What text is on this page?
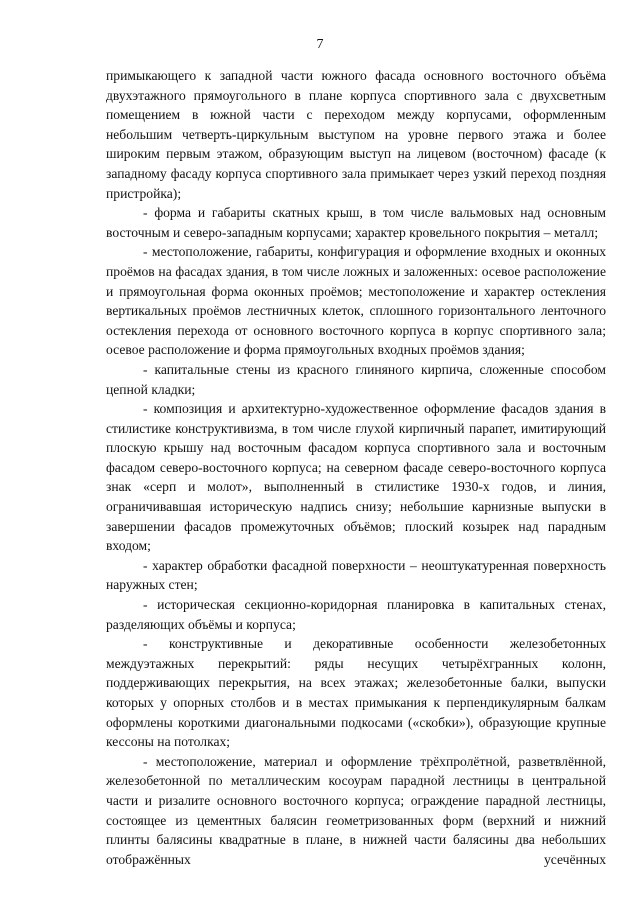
7

примыкающего к западной части южного фасада основного восточного объёма двухэтажного прямоугольного в плане корпуса спортивного зала с двухсветным помещением в южной части с переходом между корпусами, оформленным небольшим четверть-циркульным выступом на уровне первого этажа и более широким первым этажом, образующим выступ на лицевом (восточном) фасаде (к западному фасаду корпуса спортивного зала примыкает через узкий переход поздняя пристройка);

- форма и габариты скатных крыш, в том числе вальмовых над основным восточным и северо-западным корпусами; характер кровельного покрытия – металл;

- местоположение, габариты, конфигурация и оформление входных и оконных проёмов на фасадах здания, в том числе ложных и заложенных: осевое расположение и прямоугольная форма оконных проёмов; местоположение и характер остекления вертикальных проёмов лестничных клеток, сплошного горизонтального ленточного остекления перехода от основного восточного корпуса в корпус спортивного зала; осевое расположение и форма прямоугольных входных проёмов здания;

- капитальные стены из красного глиняного кирпича, сложенные способом цепной кладки;

- композиция и архитектурно-художественное оформление фасадов здания в стилистике конструктивизма, в том числе глухой кирпичный парапет, имитирующий плоскую крышу над восточным фасадом корпуса спортивного зала и восточным фасадом северо-восточного корпуса; на северном фасаде северо-восточного корпуса знак «серп и молот», выполненный в стилистике 1930-х годов, и линия, ограничивавшая историческую надпись снизу; небольшие карнизные выпуски в завершении фасадов промежуточных объёмов; плоский козырек над парадным входом;

- характер обработки фасадной поверхности – неоштукатуренная поверхность наружных стен;

- историческая секционно-коридорная планировка в капитальных стенах, разделяющих объёмы и корпуса;

- конструктивные и декоративные особенности железобетонных междуэтажных перекрытий: ряды несущих четырёхгранных колонн, поддерживающих перекрытия, на всех этажах; железобетонные балки, выпуски которых у опорных столбов и в местах примыкания к перпендикулярным балкам оформлены короткими диагональными подкосами («скобки»), образующие крупные кессоны на потолках;

- местоположение, материал и оформление трёхпролётной, разветвлённой, железобетонной по металлическим косоурам парадной лестницы в центральной части и ризалите основного восточного корпуса; ограждение парадной лестницы, состоящее из цементных балясин геометризованных форм (верхний и нижний плинты балясины квадратные в плане, в нижней части балясины два небольших отображённых усечённых
